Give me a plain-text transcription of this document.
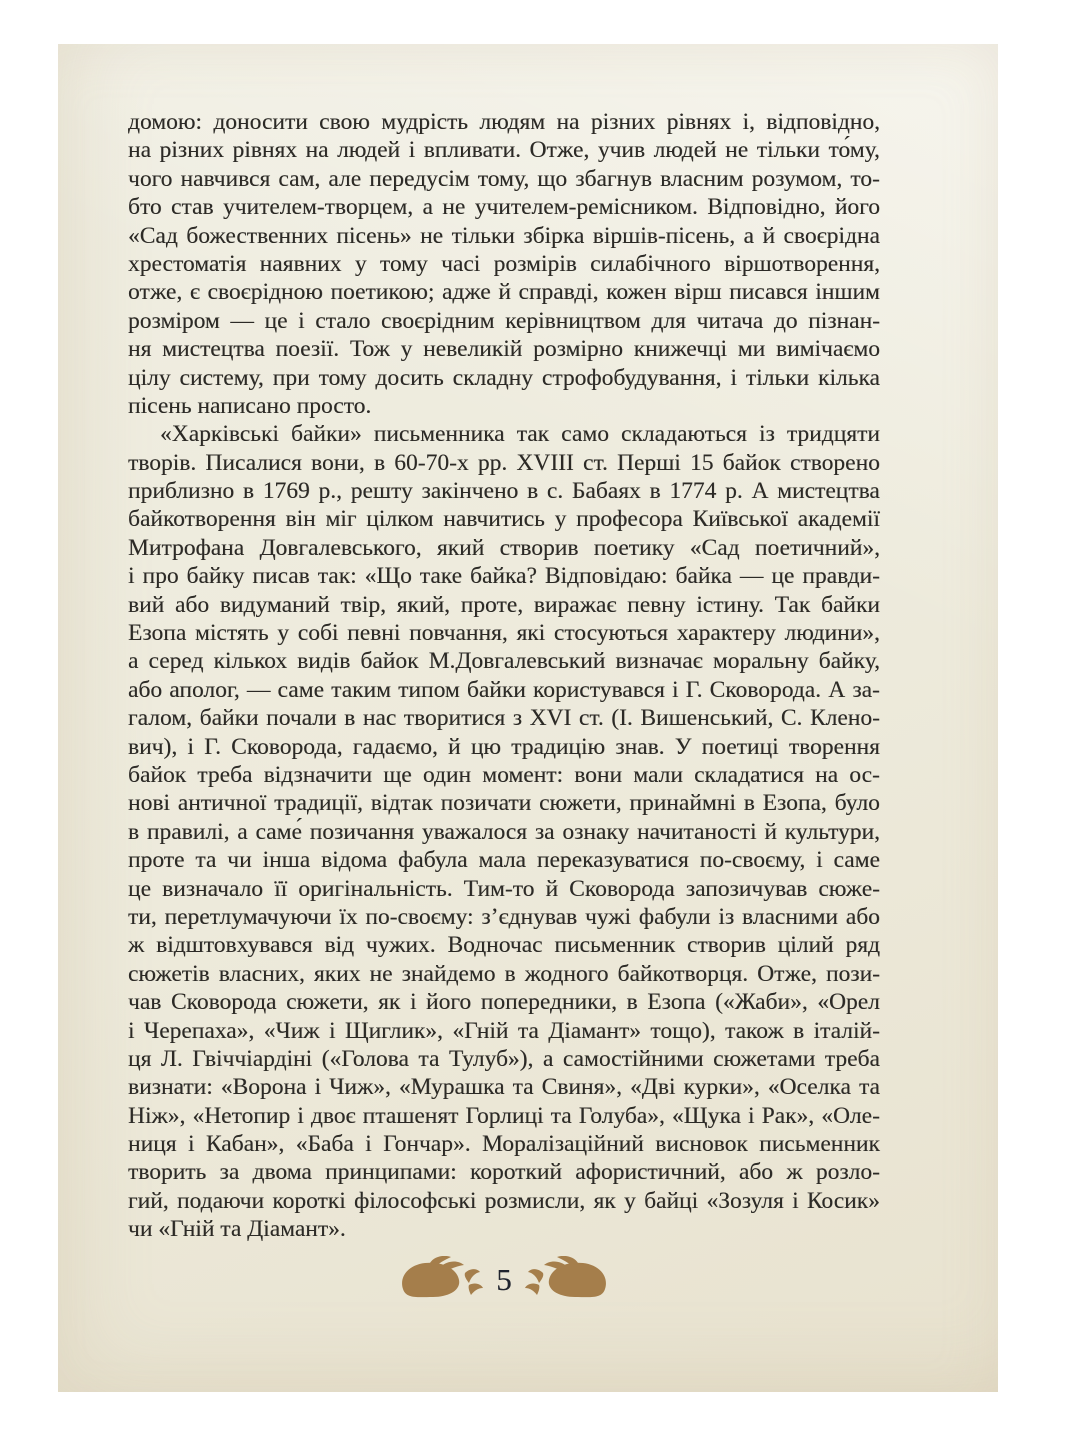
домою: доносити свою мудрість людям на різних рівнях і, відповідно,
на різних рівнях на людей і впливати. Отже, учив людей не тільки то́му,
чого навчився сам, але передусім тому, що збагнув власним розумом, то-
бто став учителем-творцем, а не учителем-ремісником. Відповідно, його
«Сад божественних пісень» не тільки збірка віршів-пісень, а й своєрідна
хрестоматія наявних у тому часі розмірів силабічного віршотворення,
отже, є своєрідною поетикою; адже й справді, кожен вірш писався іншим
розміром — це і стало своєрідним керівництвом для читача до пізнан-
ня мистецтва поезії. Тож у невеликій розмірно книжечці ми вимічаємо
цілу систему, при тому досить складну строфобудування, і тільки кілька
пісень написано просто.
«Харківські байки» письменника так само складаються із тридцяти
творів. Писалися вони, в 60-70-х рр. XVIII ст. Перші 15 байок створено
приблизно в 1769 р., решту закінчено в с. Бабаях в 1774 р. А мистецтва
байкотворення він міг цілком навчитись у професора Київської академії
Митрофана Довгалевського, який створив поетику «Сад поетичний»,
і про байку писав так: «Що таке байка? Відповідаю: байка — це правди-
вий або видуманий твір, який, проте, виражає певну істину. Так байки
Езопа містять у собі певні повчання, які стосуються характеру людини»,
а серед кількох видів байок М.Довгалевський визначає моральну байку,
або аполог, — саме таким типом байки користувався і Г. Сковорода. А за-
галом, байки почали в нас творитися з XVI ст. (І. Вишенський, С. Клено-
вич), і Г. Сковорода, гадаємо, й цю традицію знав. У поетиці творення
байок треба відзначити ще один момент: вони мали складатися на ос-
нові античної традиції, відтак позичати сюжети, принаймні в Езопа, було
в правилі, а саме́ позичання уважалося за ознаку начитаності й культури,
проте та чи інша відома фабула мала переказуватися по-своєму, і саме
це визначало її оригінальність. Тим-то й Сковорода запозичував сюже-
ти, перетлумачуючи їх по-своєму: з’єднував чужі фабули із власними або
ж відштовхувався від чужих. Водночас письменник створив цілий ряд
сюжетів власних, яких не знайдемо в жодного байкотворця. Отже, пози-
чав Сковорода сюжети, як і його попередники, в Езопа («Жаби», «Орел
і Черепаха», «Чиж і Щиглик», «Гній та Діамант» тощо), також в італій-
ця Л. Гвіччіардіні («Голова та Тулуб»), а самостійними сюжетами треба
визнати: «Ворона і Чиж», «Мурашка та Свиня», «Дві курки», «Оселка та
Ніж», «Нетопир і двоє пташенят Горлиці та Голуба», «Щука і Рак», «Оле-
ниця і Кабан», «Баба і Гончар». Моралізаційний висновок письменник
творить за двома принципами: короткий афористичний, або ж розло-
гий, подаючи короткі філософські розмисли, як у байці «Зозуля і Косик»
чи «Гній та Діамант».
5
